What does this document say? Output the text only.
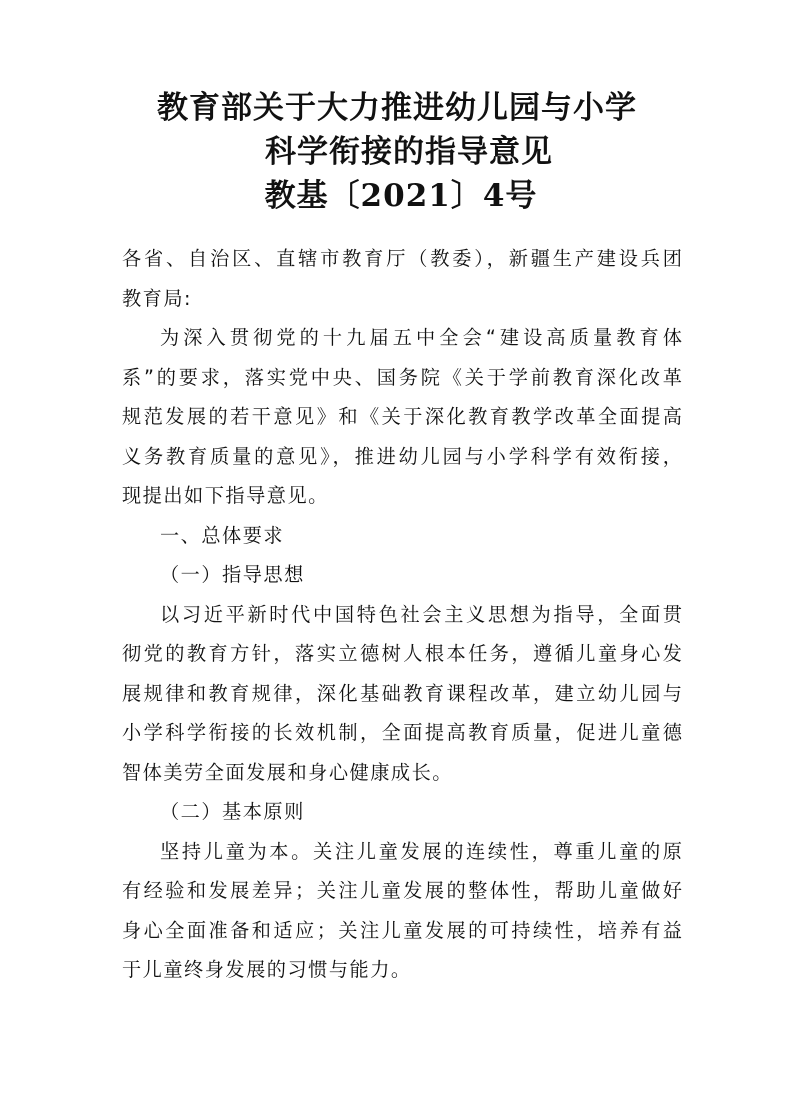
教育部关于大力推进幼儿园与小学
科学衔接的指导意见
教基〔2021〕4号
各省、自治区、直辖市教育厅（教委），新疆生产建设兵团
教育局:
为深入贯彻党的十九届五中全会“建设高质量教育体
系”的要求，落实党中央、国务院《关于学前教育深化改革
规范发展的若干意见》和《关于深化教育教学改革全面提高
义务教育质量的意见》，推进幼儿园与小学科学有效衔接，
现提出如下指导意见。
一、总体要求
（一）指导思想
以习近平新时代中国特色社会主义思想为指导，全面贯
彻党的教育方针，落实立德树人根本任务，遵循儿童身心发
展规律和教育规律，深化基础教育课程改革，建立幼儿园与
小学科学衔接的长效机制，全面提高教育质量，促进儿童德
智体美劳全面发展和身心健康成长。
（二）基本原则
坚持儿童为本。关注儿童发展的连续性，尊重儿童的原
有经验和发展差异；关注儿童发展的整体性，帮助儿童做好
身心全面准备和适应；关注儿童发展的可持续性，培养有益
于儿童终身发展的习惯与能力。
